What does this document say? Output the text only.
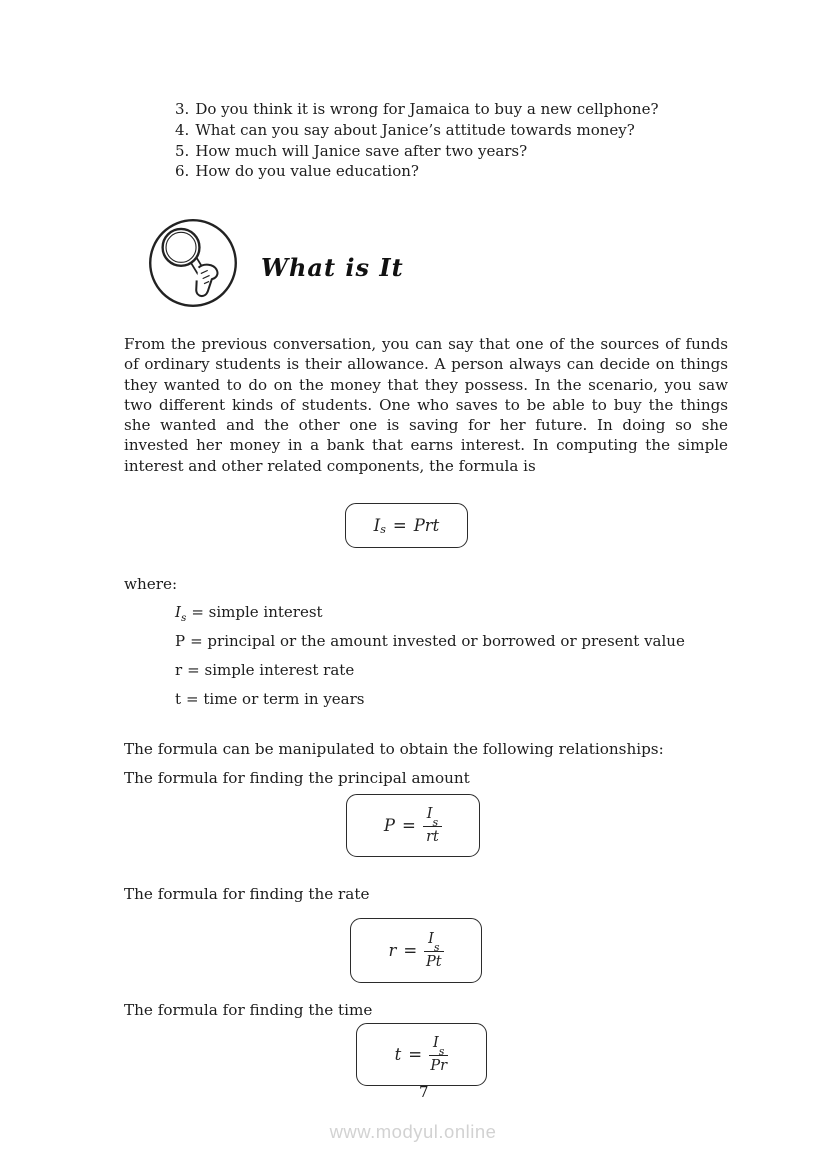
3. Do you think it is wrong for Jamaica to buy a new cellphone?
4. What can you say about Janice’s attitude towards money?
5. How much will Janice save after two years?
6. How do you value education?
What is It

From the previous conversation, you can say that one of the sources of funds of ordinary students is their allowance. A person always can decide on things they wanted to do on the money that they possess. In the scenario, you saw two different kinds of students. One who saves to be able to buy the things she wanted and the other one is saving for her future. In doing so she invested her money in a bank that earns interest. In computing the simple interest and other related components, the formula is

$I_s$ = Prt
where:
$I_s$ = simple interest
P = principal or the amount invested or borrowed or present value
r = simple interest rate
t = time or term in years
The formula can be manipulated to obtain the following relationships:
The formula for finding the principal amount
$P = \frac{I_s}{rt}$
The formula for finding the rate
$r = \frac{I_s}{Pt}$
The formula for finding the time
$t = \frac{I_s}{Pr}$
7
www.modyul.online
